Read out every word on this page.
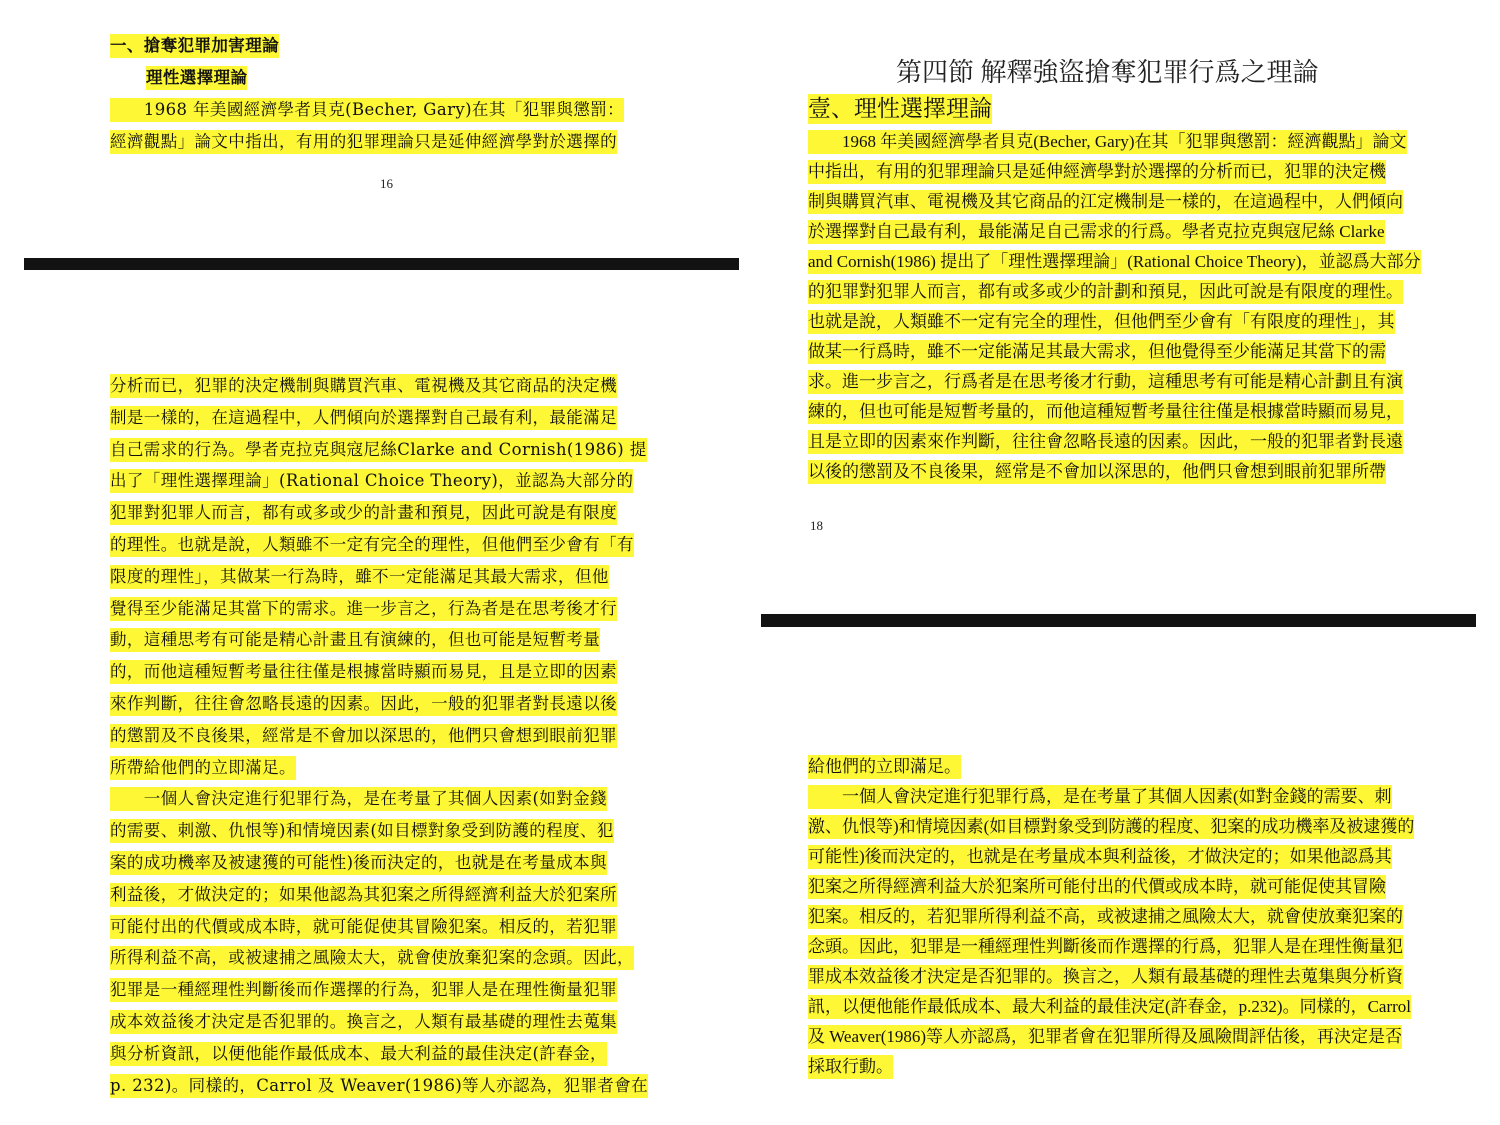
一、搶奪犯罪加害理論
理性選擇理論
　　1968 年美國經濟學者貝克(Becher, Gary)在其「犯罪與懲罰：
經濟觀點」論文中指出，有用的犯罪理論只是延伸經濟學對於選擇的
16
分析而已，犯罪的決定機制與購買汽車、電視機及其它商品的決定機
制是一樣的，在這過程中，人們傾向於選擇對自己最有利，最能滿足
自己需求的行為。學者克拉克與寇尼絲Clarke and Cornish(1986) 提
出了「理性選擇理論」(Rational Choice Theory)，並認為大部分的
犯罪對犯罪人而言，都有或多或少的計畫和預見，因此可說是有限度
的理性。也就是說，人類雖不一定有完全的理性，但他們至少會有「有
限度的理性」，其做某一行為時，雖不一定能滿足其最大需求，但他
覺得至少能滿足其當下的需求。進一步言之，行為者是在思考後才行
動，這種思考有可能是精心計畫且有演練的，但也可能是短暫考量
的，而他這種短暫考量往往僅是根據當時顯而易見，且是立即的因素
來作判斷，往往會忽略長遠的因素。因此，一般的犯罪者對長遠以後
的懲罰及不良後果，經常是不會加以深思的，他們只會想到眼前犯罪
所帶給他們的立即滿足。
　　一個人會決定進行犯罪行為，是在考量了其個人因素(如對金錢
的需要、刺激、仇恨等)和情境因素(如目標對象受到防護的程度、犯
案的成功機率及被逮獲的可能性)後而決定的，也就是在考量成本與
利益後，才做決定的；如果他認為其犯案之所得經濟利益大於犯案所
可能付出的代價或成本時，就可能促使其冒險犯案。相反的，若犯罪
所得利益不高，或被逮捕之風險太大，就會使放棄犯案的念頭。因此，
犯罪是一種經理性判斷後而作選擇的行為，犯罪人是在理性衡量犯罪
成本效益後才決定是否犯罪的。換言之，人類有最基礎的理性去蒐集
與分析資訊，以便他能作最低成本、最大利益的最佳決定(許春金，
p. 232)。同樣的，Carrol 及 Weaver(1986)等人亦認為，犯罪者會在
第四節 解釋強盜搶奪犯罪行爲之理論
壹、理性選擇理論
　　1968 年美國經濟學者貝克(Becher, Gary)在其「犯罪與懲罰：經濟觀點」論文
中指出，有用的犯罪理論只是延伸經濟學對於選擇的分析而已，犯罪的決定機
制與購買汽車、電視機及其它商品的江定機制是一樣的，在這過程中，人們傾向
於選擇對自己最有利，最能滿足自己需求的行爲。學者克拉克與寇尼絲 Clarke
and Cornish(1986) 提出了「理性選擇理論」(Rational Choice Theory)，並認爲大部分
的犯罪對犯罪人而言，都有或多或少的計劃和預見，因此可說是有限度的理性。
也就是說，人類雖不一定有完全的理性，但他們至少會有「有限度的理性」，其
做某一行爲時，雖不一定能滿足其最大需求，但他覺得至少能滿足其當下的需
求。進一步言之，行爲者是在思考後才行動，這種思考有可能是精心計劃且有演
練的，但也可能是短暫考量的，而他這種短暫考量往往僅是根據當時顯而易見，
且是立即的因素來作判斷，往往會忽略長遠的因素。因此，一般的犯罪者對長遠
以後的懲罰及不良後果，經常是不會加以深思的，他們只會想到眼前犯罪所帶
18
給他們的立即滿足。
　　一個人會決定進行犯罪行爲，是在考量了其個人因素(如對金錢的需要、刺
激、仇恨等)和情境因素(如目標對象受到防護的程度、犯案的成功機率及被逮獲的
可能性)後而決定的，也就是在考量成本與利益後，才做決定的；如果他認爲其
犯案之所得經濟利益大於犯案所可能付出的代價或成本時，就可能促使其冒險
犯案。相反的，若犯罪所得利益不高，或被逮捕之風險太大，就會使放棄犯案的
念頭。因此，犯罪是一種經理性判斷後而作選擇的行爲，犯罪人是在理性衡量犯
罪成本效益後才決定是否犯罪的。換言之，人類有最基礎的理性去蒐集與分析資
訊，以便他能作最低成本、最大利益的最佳決定(許春金，p.232)。同樣的，Carrol
及 Weaver(1986)等人亦認爲，犯罪者會在犯罪所得及風險間評估後，再決定是否
採取行動。
